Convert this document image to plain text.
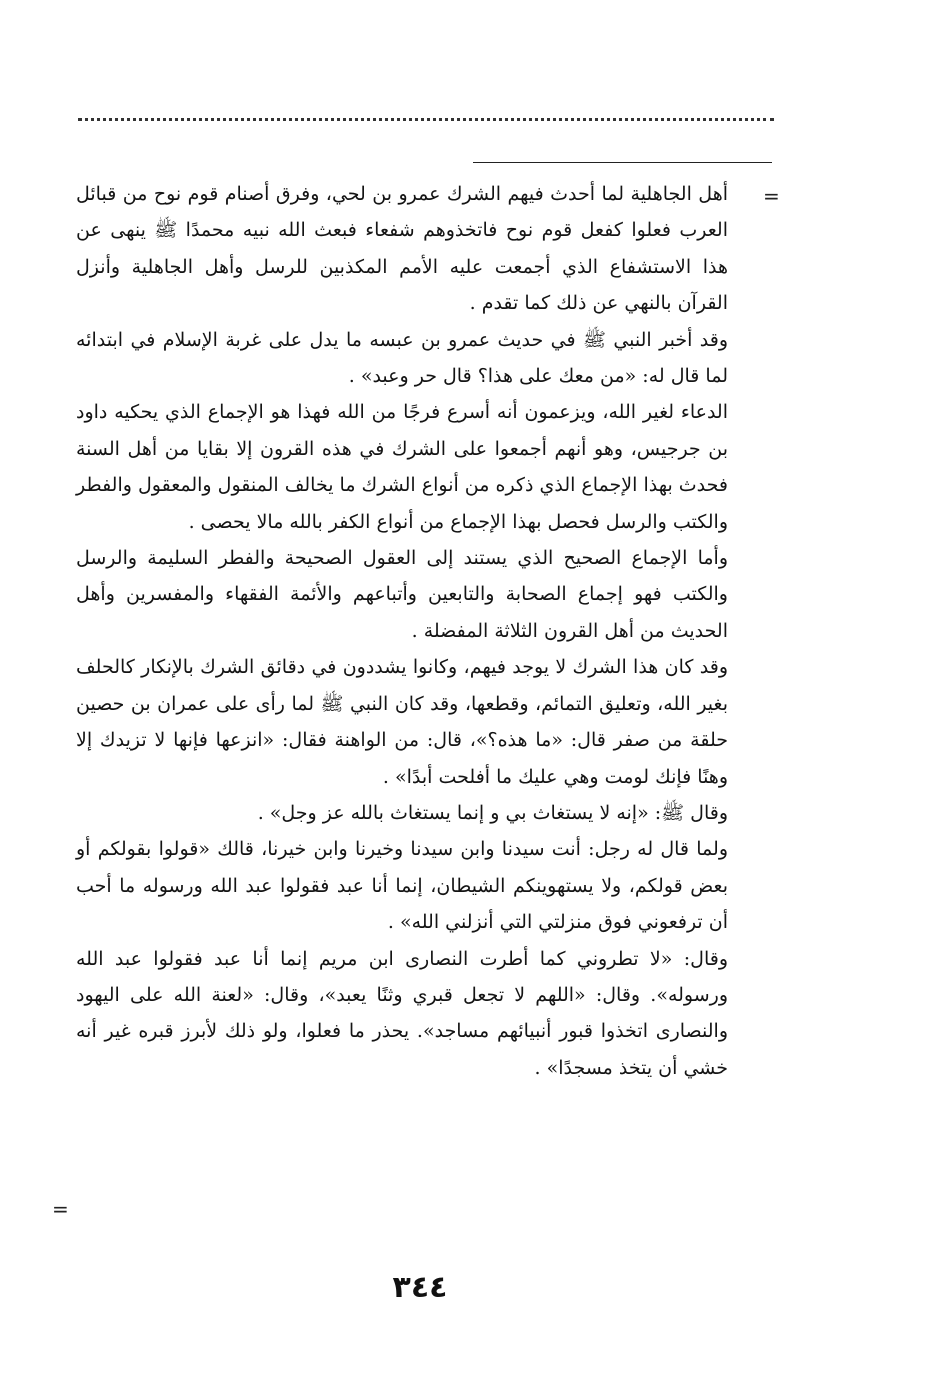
=

أهل الجاهلية لما أحدث فيهم الشرك عمرو بن لحي، وفرق أصنام قوم نوح من قبائل العرب فعلوا كفعل قوم نوح فاتخذوهم شفعاء فبعث الله نبيه محمدًا ﷺ ينهى عن هذا الاستشفاع الذي أجمعت عليه الأمم المكذبين للرسل وأهل الجاهلية وأنزل القرآن بالنهي عن ذلك كما تقدم .

وقد أخبر النبي ﷺ في حديث عمرو بن عبسه ما يدل على غربة الإسلام في ابتدائه لما قال له: «من معك على هذا؟ قال حر وعبد» .

الدعاء لغير الله، ويزعمون أنه أسرع فرجًا من الله فهذا هو الإجماع الذي يحكيه داود بن جرجيس، وهو أنهم أجمعوا على الشرك في هذه القرون إلا بقايا من أهل السنة فحدث بهذا الإجماع الذي ذكره من أنواع الشرك ما يخالف المنقول والمعقول والفطر والكتب والرسل فحصل بهذا الإجماع من أنواع الكفر بالله مالا يحصى .

وأما الإجماع الصحيح الذي يستند إلى العقول الصحيحة والفطر السليمة والرسل والكتب فهو إجماع الصحابة والتابعين وأتباعهم والأئمة الفقهاء والمفسرين وأهل الحديث من أهل القرون الثلاثة المفضلة .

وقد كان هذا الشرك لا يوجد فيهم، وكانوا يشددون في دقائق الشرك بالإنكار كالحلف بغير الله، وتعليق التمائم، وقطعها، وقد كان النبي ﷺ لما رأى على عمران بن حصين حلقة من صفر قال: «ما هذه؟»، قال: من الواهنة فقال: «انزعها فإنها لا تزيدك إلا وهنًا فإنك لومت وهي عليك ما أفلحت أبدًا» .

وقال ﷺ: «إنه لا يستغاث بي و إنما يستغاث بالله عز وجل» .

ولما قال له رجل: أنت سيدنا وابن سيدنا وخيرنا وابن خيرنا، قالك «قولوا بقولكم أو بعض قولكم، ولا يستهوينكم الشيطان، إنما أنا عبد فقولوا عبد الله ورسوله ما أحب أن ترفعوني فوق منزلتي التي أنزلني الله» .

وقال: «لا تطروني كما أطرت النصارى ابن مريم إنما أنا عبد فقولوا عبد الله ورسوله». وقال: «اللهم لا تجعل قبري وثنًا يعبد»، وقال: «لعنة الله على اليهود والنصارى اتخذوا قبور أنبيائهم مساجد». يحذر ما فعلوا، ولو ذلك لأبرز قبره غير أنه خشي أن يتخذ مسجدًا» .

=
٣٤٤
